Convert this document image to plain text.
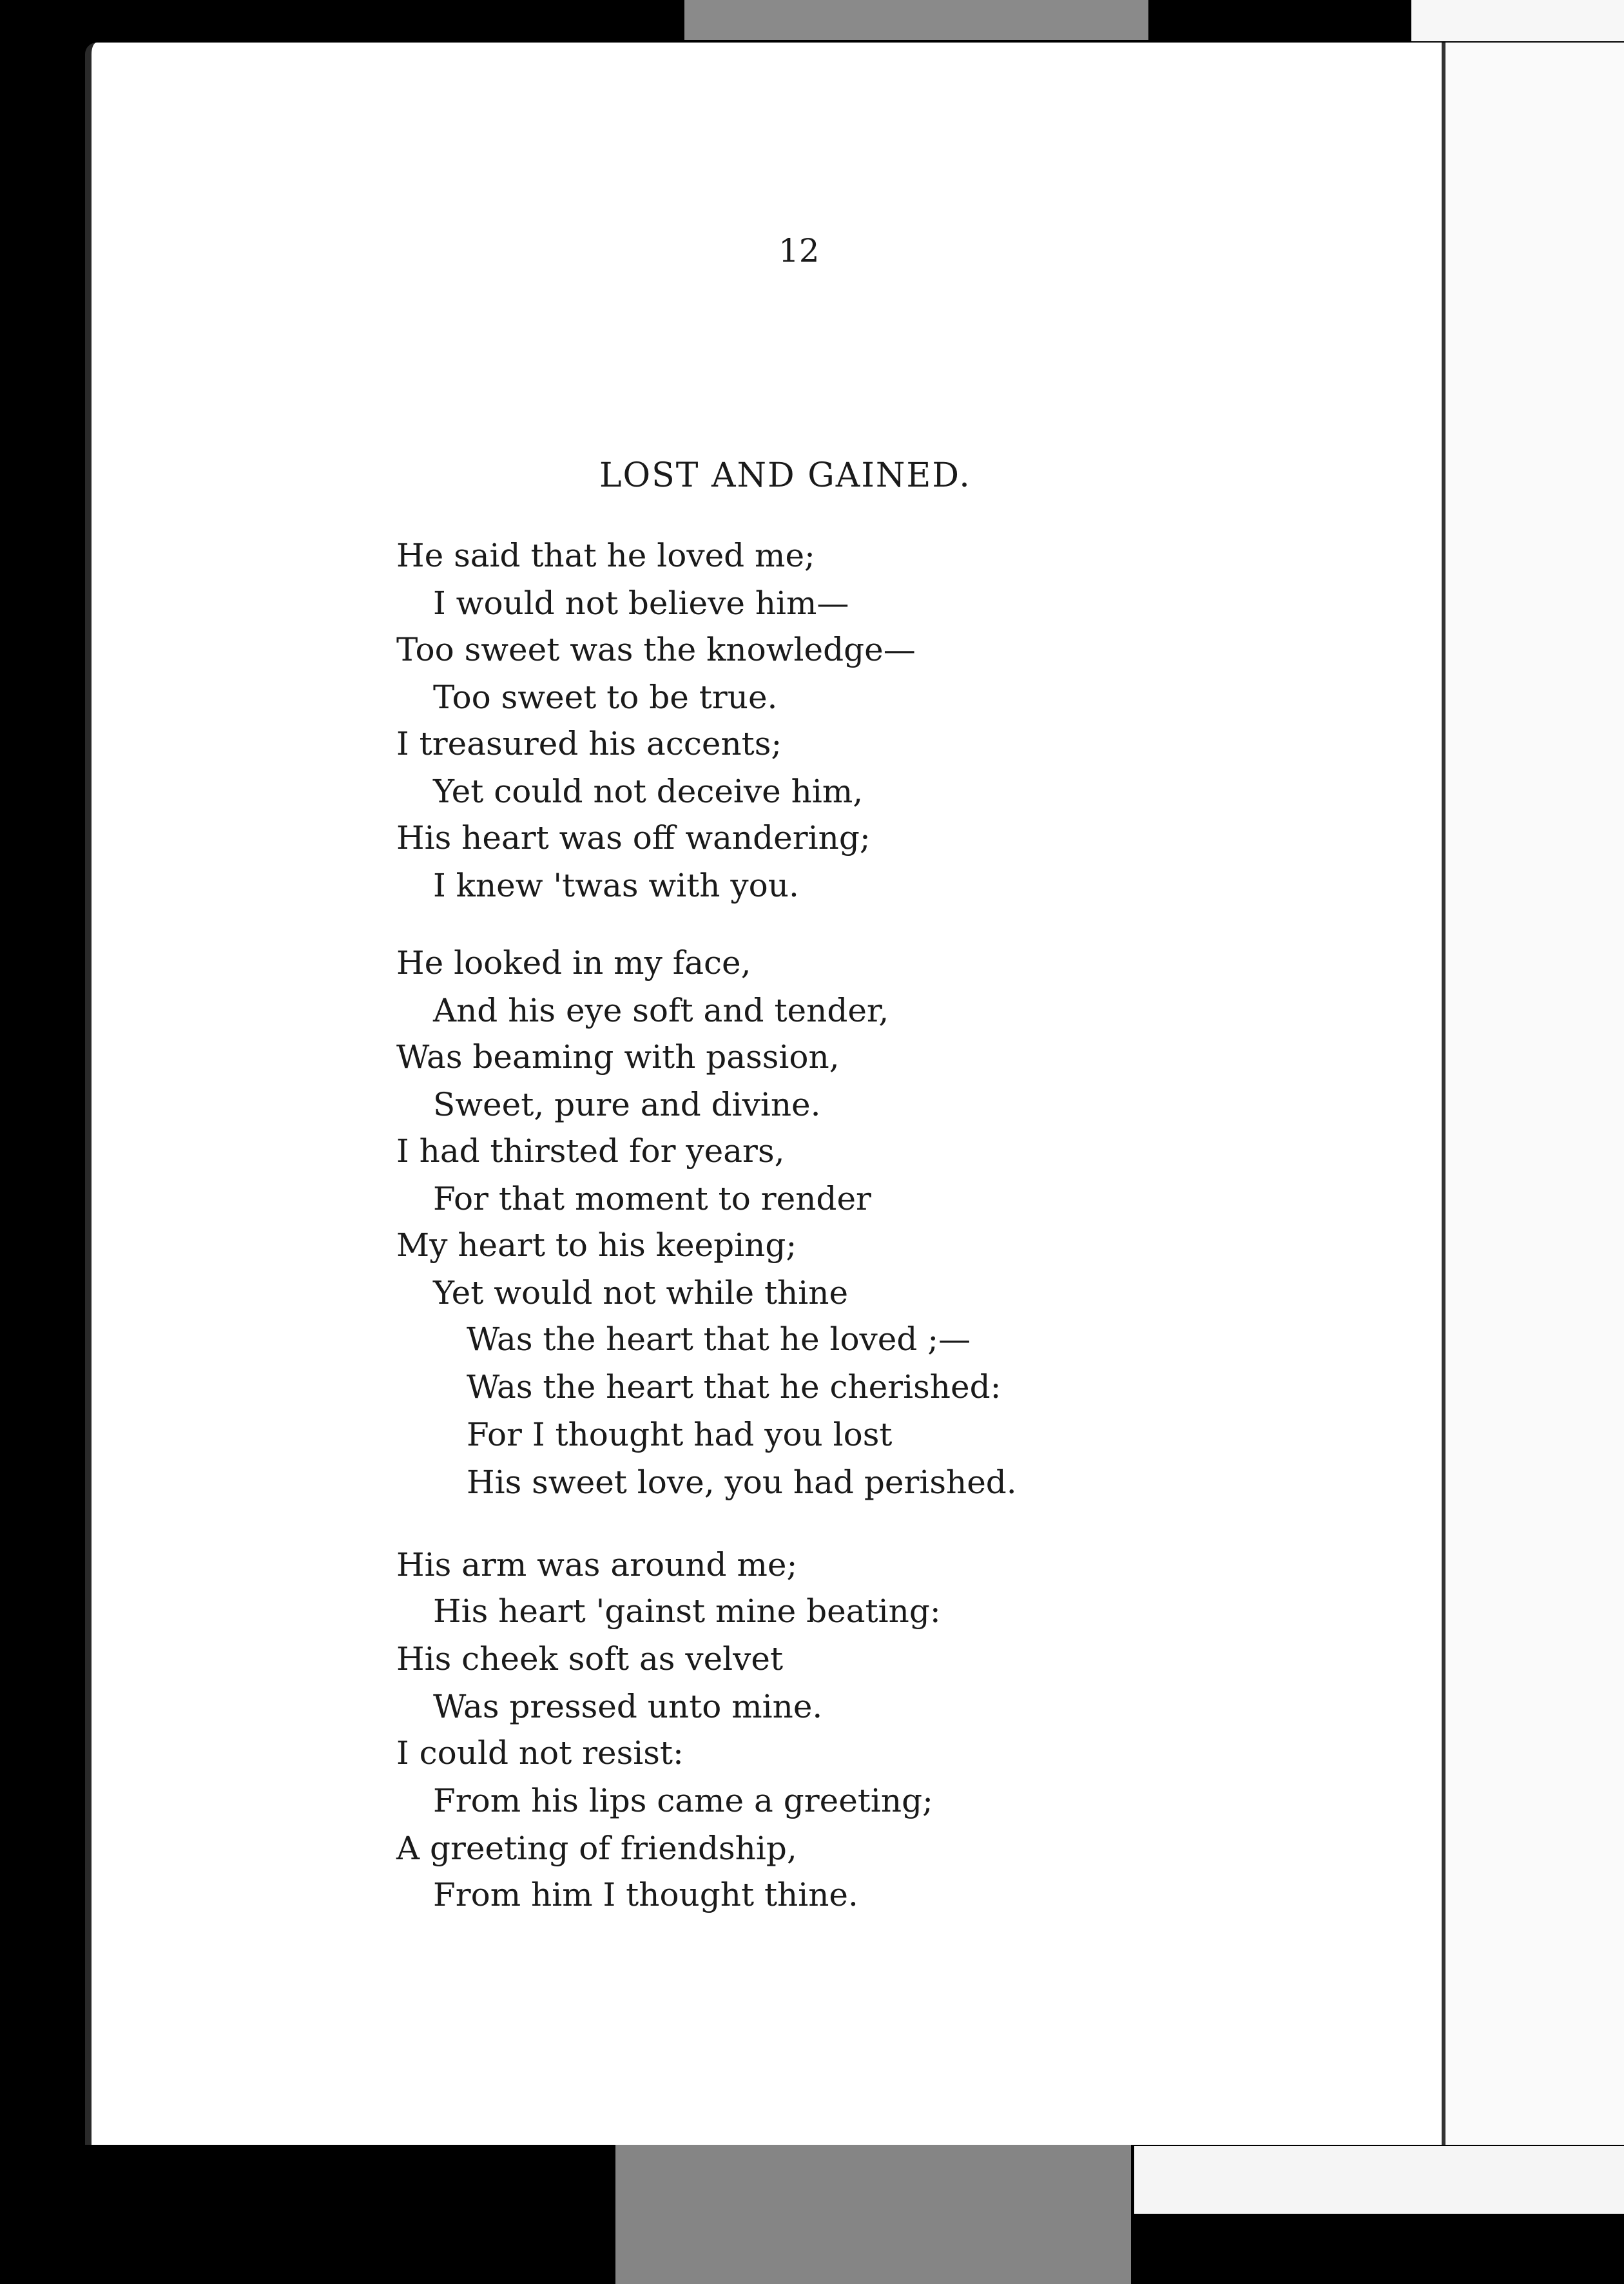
12
LOST AND GAINED.
He said that he loved me;
I would not believe him—
Too sweet was the knowledge—
Too sweet to be true.
I treasured his accents;
Yet could not deceive him,
His heart was off wandering;
I knew 'twas with you.
He looked in my face,
And his eye soft and tender,
Was beaming with passion,
Sweet, pure and divine.
I had thirsted for years,
For that moment to render
My heart to his keeping;
Yet would not while thine
Was the heart that he loved ;—
Was the heart that he cherished:
For I thought had you lost
His sweet love, you had perished.
His arm was around me;
His heart 'gainst mine beating:
His cheek soft as velvet
Was pressed unto mine.
I could not resist:
From his lips came a greeting;
A greeting of friendship,
From him I thought thine.
